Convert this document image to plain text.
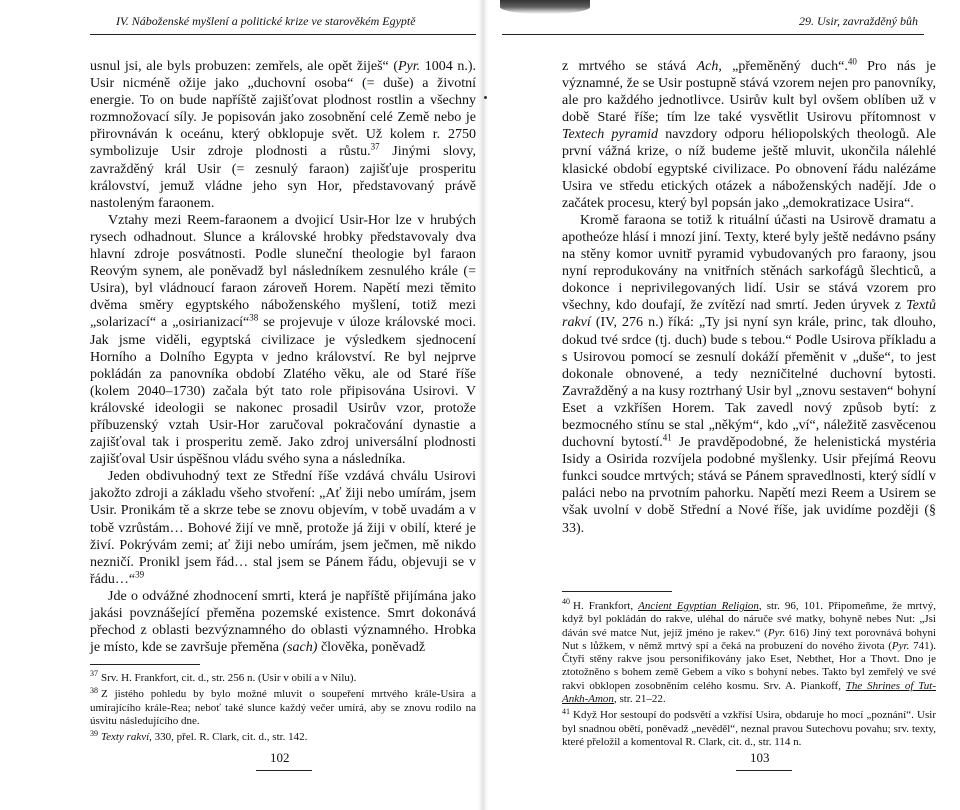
IV. Náboženské myšlení a politické krize ve starověkém Egyptě

usnul jsi, ale byls probuzen: zemřels, ale opět žiješ“ (Pyr. 1004 n.). Usir nicméně ožije jako „duchovní osoba“ (= duše) a životní energie. To on bude napříště zajišťovat plodnost rostlin a všechny rozmnožovací síly. Je popisován jako zosobnění celé Země nebo je přirovnáván k oceánu, který obklopuje svět. Už kolem r. 2750 symbolizuje Usir zdroje plodnosti a růstu.$^{37}$ Jinými slovy, zavražděný král Usir (= zesnulý faraon) zajišťuje prosperitu království, jemuž vládne jeho syn Hor, představovaný právě nastoleným faraonem.

Vztahy mezi Reem-faraonem a dvojicí Usir-Hor lze v hrubých rysech odhadnout. Slunce a královské hrobky představovaly dva hlavní zdroje posvátnosti. Podle sluneční theologie byl faraon Reovým synem, ale poněvadž byl následníkem zesnulého krále (= Usira), byl vládnoucí faraon zároveň Horem. Napětí mezi těmito dvěma směry egyptského náboženského myšlení, totiž mezi „solarizací“ a „osirianizací“$^{38}$ se projevuje v úloze královské moci. Jak jsme viděli, egyptská civilizace je výsledkem sjednocení Horního a Dolního Egypta v jedno království. Re byl nejprve pokládán za panovníka období Zlatého věku, ale od Staré říše (kolem 2040–1730) začala být tato role připisována Usirovi. V královské ideologii se nakonec prosadil Usirův vzor, protože příbuzenský vztah Usir-Hor zaručoval pokračování dynastie a zajišťoval tak i prosperitu země. Jako zdroj universální plodnosti zajišťoval Usir úspěšnou vládu svého syna a následníka.

Jeden obdivuhodný text ze Střední říše vzdává chválu Usirovi jakožto zdroji a základu všeho stvoření: „Ať žiji nebo umírám, jsem Usir. Pronikám tě a skrze tebe se znovu objevím, v tobě uvadám a v tobě vzrůstám… Bohové žijí ve mně, protože já žiji v obilí, které je živí. Pokrývám zemi; ať žiji nebo umírám, jsem ječmen, mě nikdo nezničí. Pronikl jsem řád… stal jsem se Pánem řádu, objevuji se v řádu…“$^{39}$

Jde o odvážné zhodnocení smrti, která je napříště přijímána jako jakási povznášející přeměna pozemské existence. Smrt dokonává přechod z oblasti bezvýznamného do oblasti významného. Hrobka je místo, kde se završuje přeměna (sach) člověka, poněvadž

$^{37}$ Srv. H. Frankfort, cit. d., str. 256 n. (Usir v obilí a v Nilu).

$^{38}$ Z jistého pohledu by bylo možné mluvit o soupeření mrtvého krále-Usira a umírajícího krále-Rea; neboť také slunce každý večer umírá, aby se znovu rodilo na úsvitu následujícího dne.

$^{39}$ Texty rakví, 330, přel. R. Clark, cit. d., str. 142.

102
29. Usir, zavražděný bůh

z mrtvého se stává Ach, „přeměněný duch“.$^{40}$ Pro nás je významné, že se Usir postupně stává vzorem nejen pro panovníky, ale pro každého jednotlivce. Usirův kult byl ovšem oblíben už v době Staré říše; tím lze také vysvětlit Usirovu přítomnost v Textech pyramid navzdory odporu héliopolských theologů. Ale první vážná krize, o níž budeme ještě mluvit, ukončila nálehlé klasické období egyptské civilizace. Po obnovení řádu nalézáme Usira ve středu etických otázek a náboženských nadějí. Jde o začátek procesu, který byl popsán jako „demokratizace Usira“.

Kromě faraona se totiž k rituální účasti na Usirově dramatu a apotheóze hlásí i mnozí jiní. Texty, které byly ještě nedávno psány na stěny komor uvnitř pyramid vybudovaných pro faraony, jsou nyní reprodukovány na vnitřních stěnách sarkofágů šlechticů, a dokonce i neprivilegovaných lidí. Usir se stává vzorem pro všechny, kdo doufají, že zvítězí nad smrtí. Jeden úryvek z Textů rakví (IV, 276 n.) říká: „Ty jsi nyní syn krále, princ, tak dlouho, dokud tvé srdce (tj. duch) bude s tebou.“ Podle Usirova příkladu a s Usirovou pomocí se zesnulí dokáží přeměnit v „duše“, to jest dokonale obnovené, a tedy nezničitelné duchovní bytosti. Zavražděný a na kusy roztrhaný Usir byl „znovu sestaven“ bohyní Eset a vzkříšen Horem. Tak zavedl nový způsob bytí: z bezmocného stínu se stal „někým“, kdo „ví“, náležitě zasvěcenou duchovní bytostí.$^{41}$ Je pravděpodobné, že helenistická mystéria Isidy a Osirida rozvíjela podobné myšlenky. Usir přejímá Reovu funkci soudce mrtvých; stává se Pánem spravedlnosti, který sídlí v paláci nebo na prvotním pahorku. Napětí mezi Reem a Usirem se však uvolní v době Střední a Nové říše, jak uvidíme později (§ 33).

$^{40}$ H. Frankfort, Ancient Egyptian Religion, str. 96, 101. Připomeňme, že mrtvý, když byl pokládán do rakve, uléhal do náruče své matky, bohyně nebes Nut: „Jsi dáván své matce Nut, jejíž jméno je rakev.“ (Pyr. 616) Jiný text porovnává bohyni Nut s lůžkem, v němž mrtvý spí a čeká na probuzení do nového života (Pyr. 741). Čtyři stěny rakve jsou personifikovány jako Eset, Nebthet, Hor a Thovt. Dno je ztotožněno s bohem země Gebem a víko s bohyní nebes. Takto byl zemřelý ve své rakvi obklopen zosobněním celého kosmu. Srv. A. Piankoff, The Shrines of Tut-Ankh-Amon, str. 21–22.

$^{41}$ Když Hor sestoupí do podsvětí a vzkřísí Usira, obdaruje ho mocí „poznání“. Usir byl snadnou obětí, poněvadž „nevěděl“, neznal pravou Sutechovu povahu; srv. texty, které přeložil a komentoval R. Clark, cit. d., str. 114 n.

103
